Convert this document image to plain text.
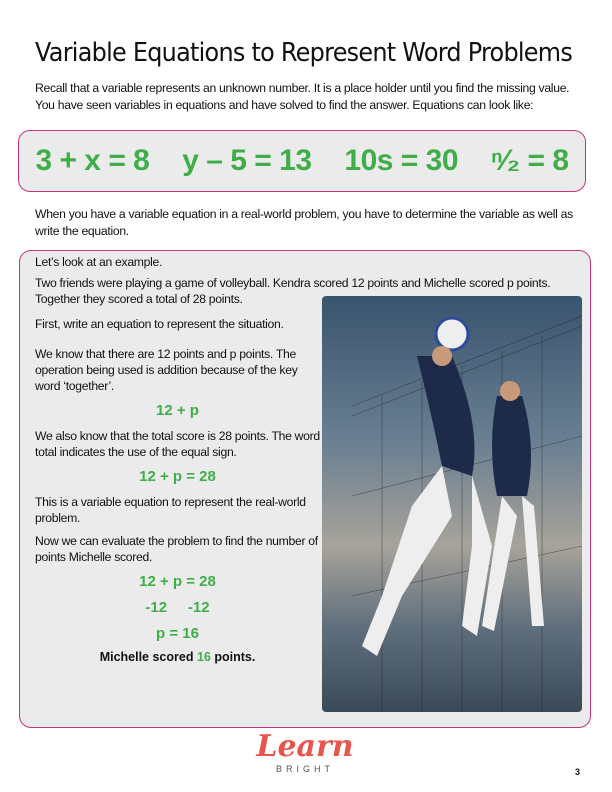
Variable Equations to Represent Word Problems
Recall that a variable represents an unknown number. It is a place holder until you find the missing value.
You have seen variables in equations and have solved to find the answer. Equations can look like:
3 + x = 8 y – 5 = 13 10s = 30 ⁿ⁄₂ = 8
When you have a variable equation in a real-world problem, you have to determine the variable as well as write the equation.
Let’s look at an example.
Two friends were playing a game of volleyball. Kendra scored 12 points and Michelle scored p points. Together they scored a total of 28 points.
First, write an equation to represent the situation.
We know that there are 12 points and p points. The operation being used is addition because of the key word ‘together’.
12 + p
We also know that the total score is 28 points. The word total indicates the use of the equal sign.
12 + p = 28
This is a variable equation to represent the real-world problem.
Now we can evaluate the problem to find the number of points Michelle scored.
12 + p = 28
-12     -12
p = 16
Michelle scored 16 points.
Learn
BRIGHT	3
